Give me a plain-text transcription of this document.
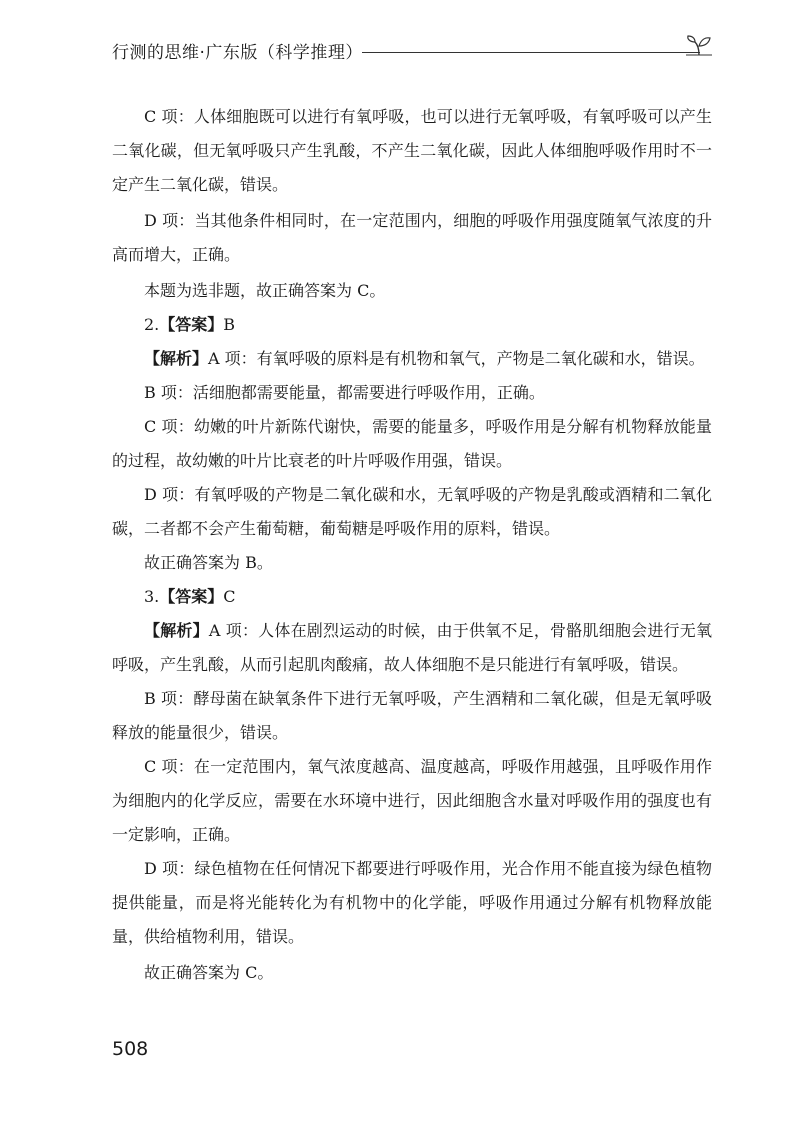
行测的思维·广东版（科学推理）

C 项：人体细胞既可以进行有氧呼吸，也可以进行无氧呼吸，有氧呼吸可以产生二氧化碳，但无氧呼吸只产生乳酸，不产生二氧化碳，因此人体细胞呼吸作用时不一定产生二氧化碳，错误。

D 项：当其他条件相同时，在一定范围内，细胞的呼吸作用强度随氧气浓度的升高而增大，正确。

本题为选非题，故正确答案为 C。

2.【答案】B

【解析】A 项：有氧呼吸的原料是有机物和氧气，产物是二氧化碳和水，错误。

B 项：活细胞都需要能量，都需要进行呼吸作用，正确。

C 项：幼嫩的叶片新陈代谢快，需要的能量多，呼吸作用是分解有机物释放能量的过程，故幼嫩的叶片比衰老的叶片呼吸作用强，错误。

D 项：有氧呼吸的产物是二氧化碳和水，无氧呼吸的产物是乳酸或酒精和二氧化碳，二者都不会产生葡萄糖，葡萄糖是呼吸作用的原料，错误。

故正确答案为 B。

3.【答案】C

【解析】A 项：人体在剧烈运动的时候，由于供氧不足，骨骼肌细胞会进行无氧呼吸，产生乳酸，从而引起肌肉酸痛，故人体细胞不是只能进行有氧呼吸，错误。

B 项：酵母菌在缺氧条件下进行无氧呼吸，产生酒精和二氧化碳，但是无氧呼吸释放的能量很少，错误。

C 项：在一定范围内，氧气浓度越高、温度越高，呼吸作用越强，且呼吸作用作为细胞内的化学反应，需要在水环境中进行，因此细胞含水量对呼吸作用的强度也有一定影响，正确。

D 项：绿色植物在任何情况下都要进行呼吸作用，光合作用不能直接为绿色植物提供能量，而是将光能转化为有机物中的化学能，呼吸作用通过分解有机物释放能量，供给植物利用，错误。

故正确答案为 C。

508
